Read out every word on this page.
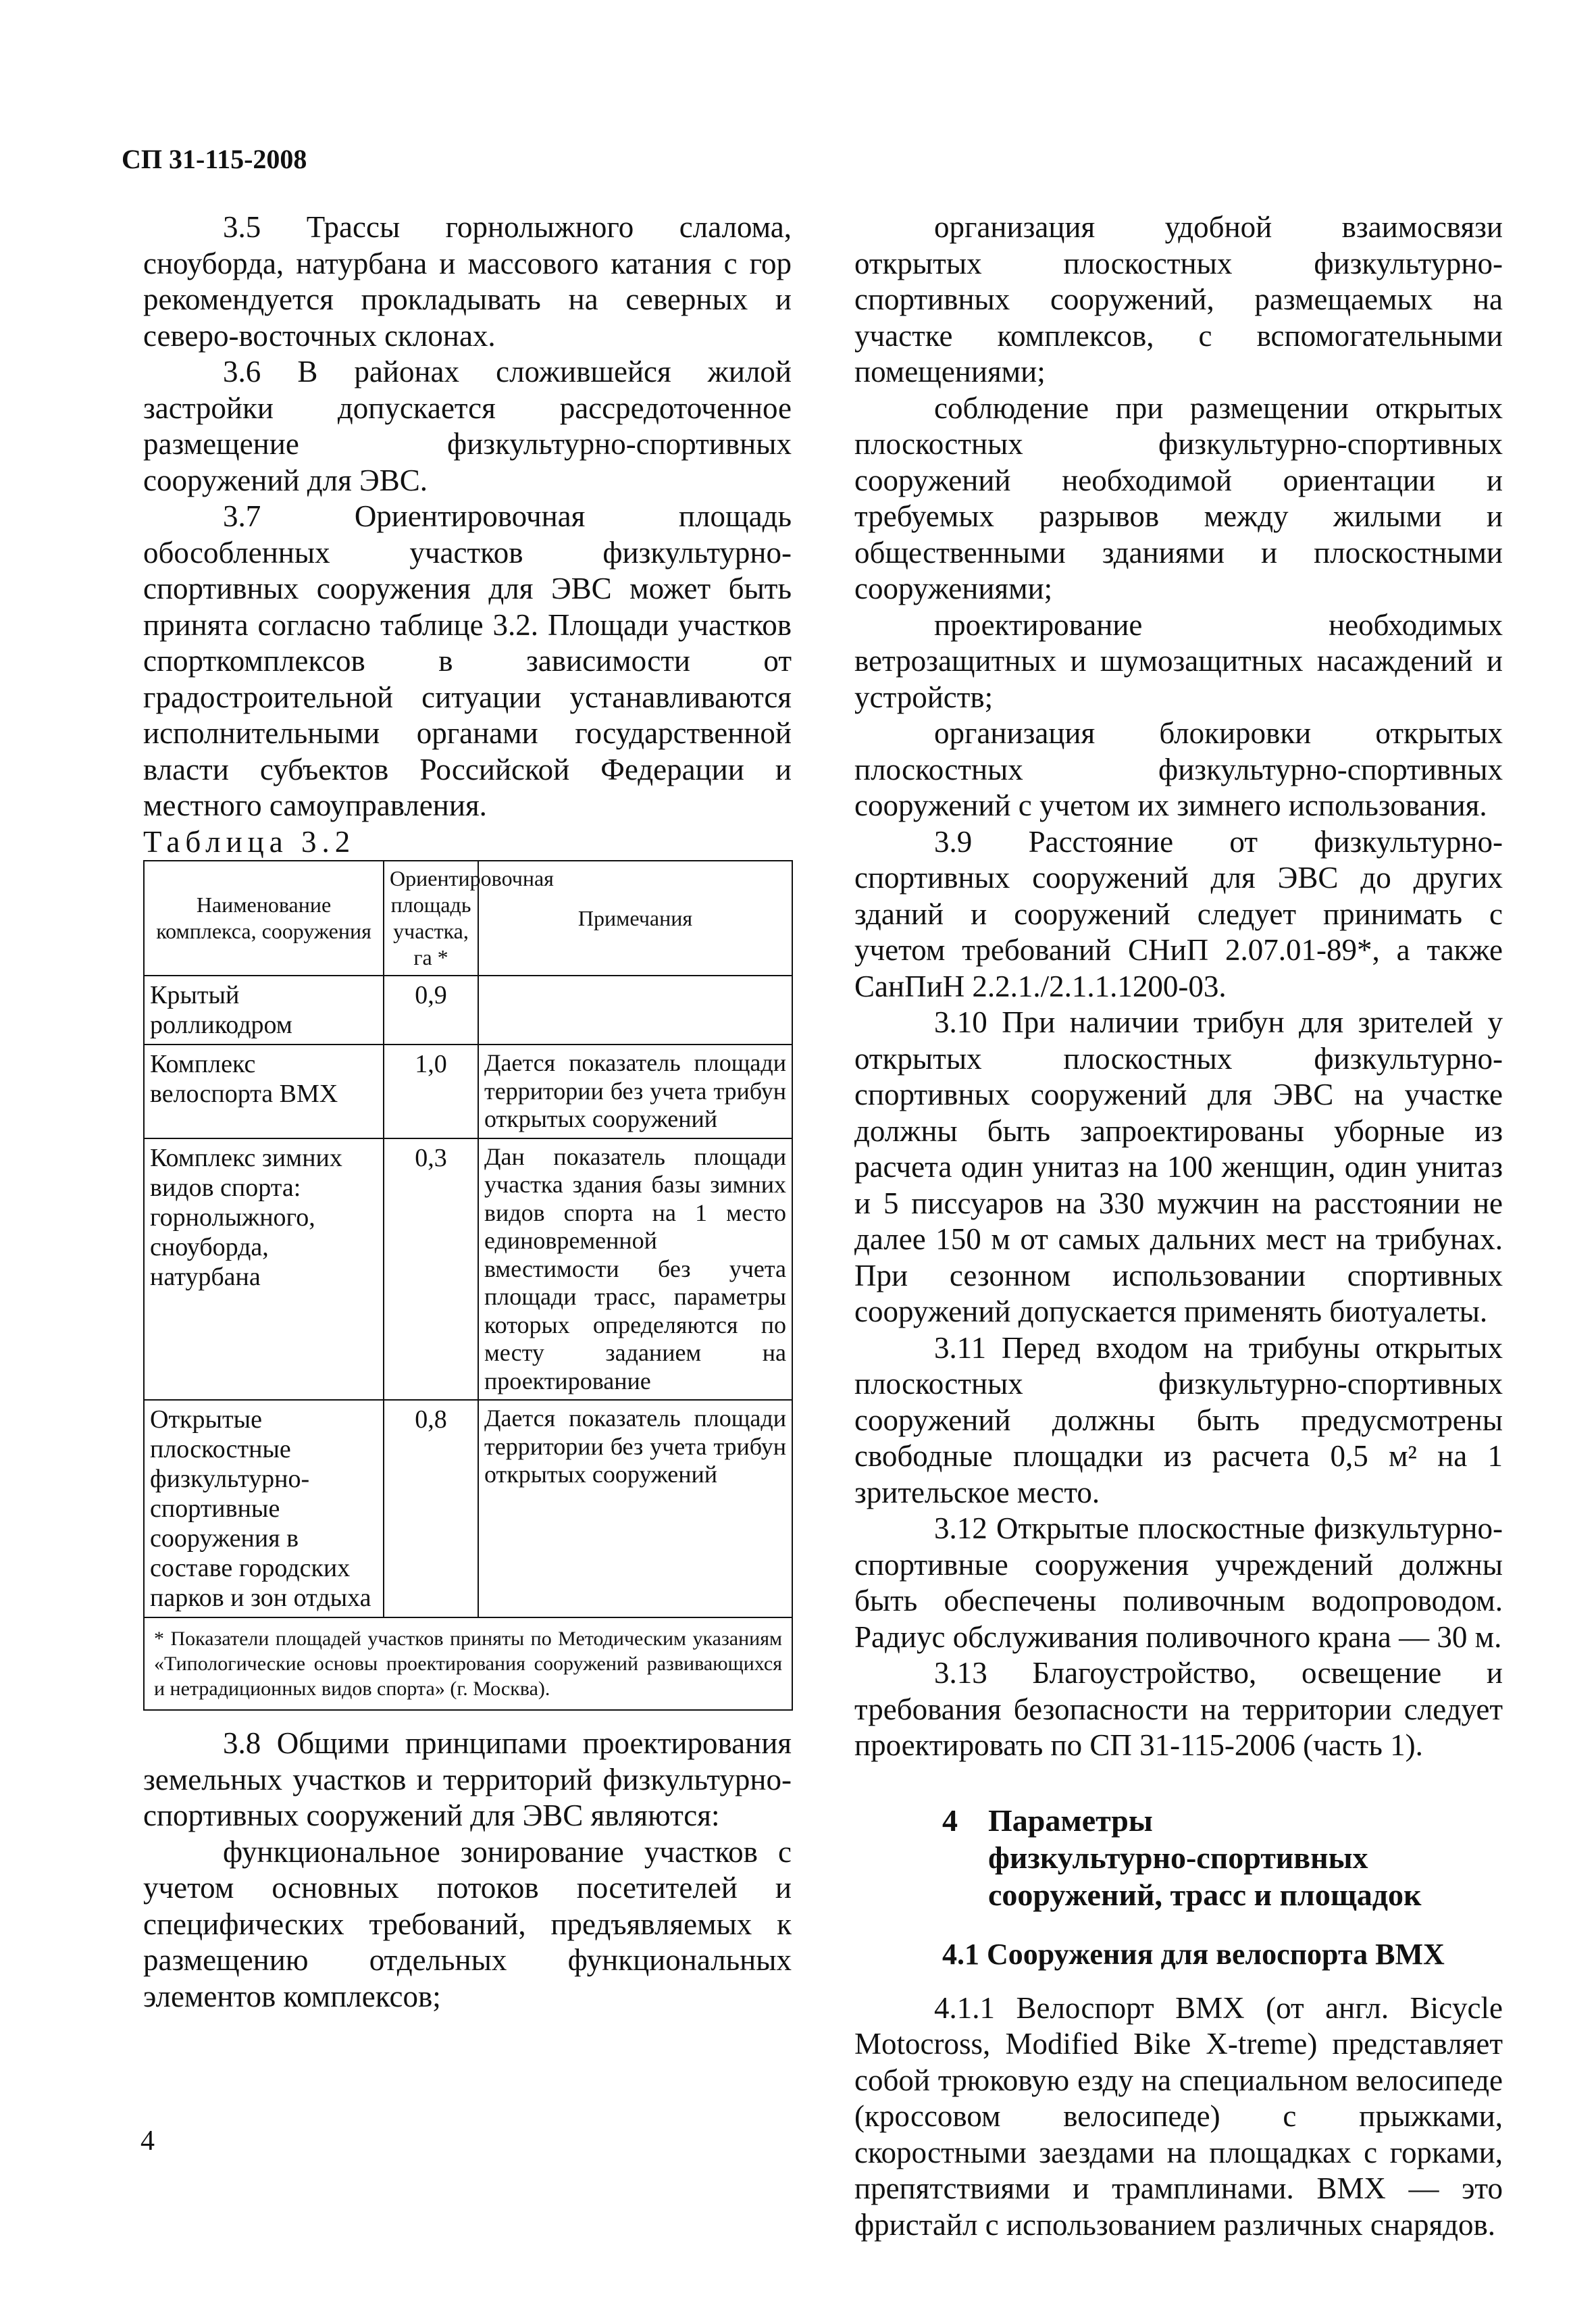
СП 31-115-2008

3.5 Трассы горнолыжного слалома, сноуборда, натурбана и массового катания с гор рекомендуется прокладывать на северных и северо-восточных склонах.

3.6 В районах сложившейся жилой застройки допускается рассредоточенное размещение физкультурно-спортивных сооружений для ЭВС.

3.7 Ориентировочная площадь обособленных участков физкультурно-спортивных сооружения для ЭВС может быть принята согласно таблице 3.2. Площади участков спорткомплексов в зависимости от градостроительной ситуации устанавливаются исполнительными органами государственной власти субъектов Российской Федерации и местного самоуправления.

Таблица 3.2

Наименование комплекса, сооружения	Ориентировочная площадь участка, га *	Примечания
Крытый ролликодром	0,9	
Комплекс велоспорта ВМХ	1,0	Дается показатель площади территории без учета трибун открытых сооружений
Комплекс зимних видов спорта: горнолыжного, сноуборда, натурбана	0,3	Дан показатель площади участка здания базы зимних видов спорта на 1 место единовременной вместимости без учета площади трасс, параметры которых определяются по месту заданием на проектирование
Открытые плоскостные физкультурно-спортивные сооружения в составе городских парков и зон отдыха	0,8	Дается показатель площади территории без учета трибун открытых сооружений
* Показатели площадей участков приняты по Методическим указаниям «Типологические основы проектирования сооружений развивающихся и нетрадиционных видов спорта» (г. Москва).		

3.8 Общими принципами проектирования земельных участков и территорий физкультурно-спортивных сооружений для ЭВС являются:

функциональное зонирование участков с учетом основных потоков посетителей и специфических требований, предъявляемых к размещению отдельных функциональных элементов комплексов;

организация удобной взаимосвязи открытых плоскостных физкультурно-спортивных сооружений, размещаемых на участке комплексов, с вспомогательными помещениями;

соблюдение при размещении открытых плоскостных физкультурно-спортивных сооружений необходимой ориентации и требуемых разрывов между жилыми и общественными зданиями и плоскостными сооружениями;

проектирование необходимых ветрозащитных и шумозащитных насаждений и устройств;

организация блокировки открытых плоскостных физкультурно-спортивных сооружений с учетом их зимнего использования.

3.9 Расстояние от физкультурно-спортивных сооружений для ЭВС до других зданий и сооружений следует принимать с учетом требований СНиП 2.07.01-89*, а также СанПиН 2.2.1./2.1.1.1200-03.

3.10 При наличии трибун для зрителей у открытых плоскостных физкультурно-спортивных сооружений для ЭВС на участке должны быть запроектированы уборные из расчета один унитаз на 100 женщин, один унитаз и 5 писсуаров на 330 мужчин на расстоянии не далее 150 м от самых дальних мест на трибунах. При сезонном использовании спортивных сооружений допускается применять биотуалеты.

3.11 Перед входом на трибуны открытых плоскостных физкультурно-спортивных сооружений должны быть предусмотрены свободные площадки из расчета 0,5 м² на 1 зрительское место.

3.12 Открытые плоскостные физкультурно-спортивные сооружения учреждений должны быть обеспечены поливочным водопроводом. Радиус обслуживания поливочного крана — 30 м.

3.13 Благоустройство, освещение и требования безопасности на территории следует проектировать по СП 31-115-2006 (часть 1).

4 Параметры
физкультурно-спортивных
сооружений, трасс и площадок
4.1 Сооружения для велоспорта ВМХ

4.1.1 Велоспорт ВМХ (от англ. Bicycle Motocross, Modified Bike X-treme) представляет собой трюковую езду на специальном велосипеде (кроссовом велосипеде) с прыжками, скоростными заездами на площадках с горками, препятствиями и трамплинами. ВМХ — это фристайл с использованием различных снарядов.

4
